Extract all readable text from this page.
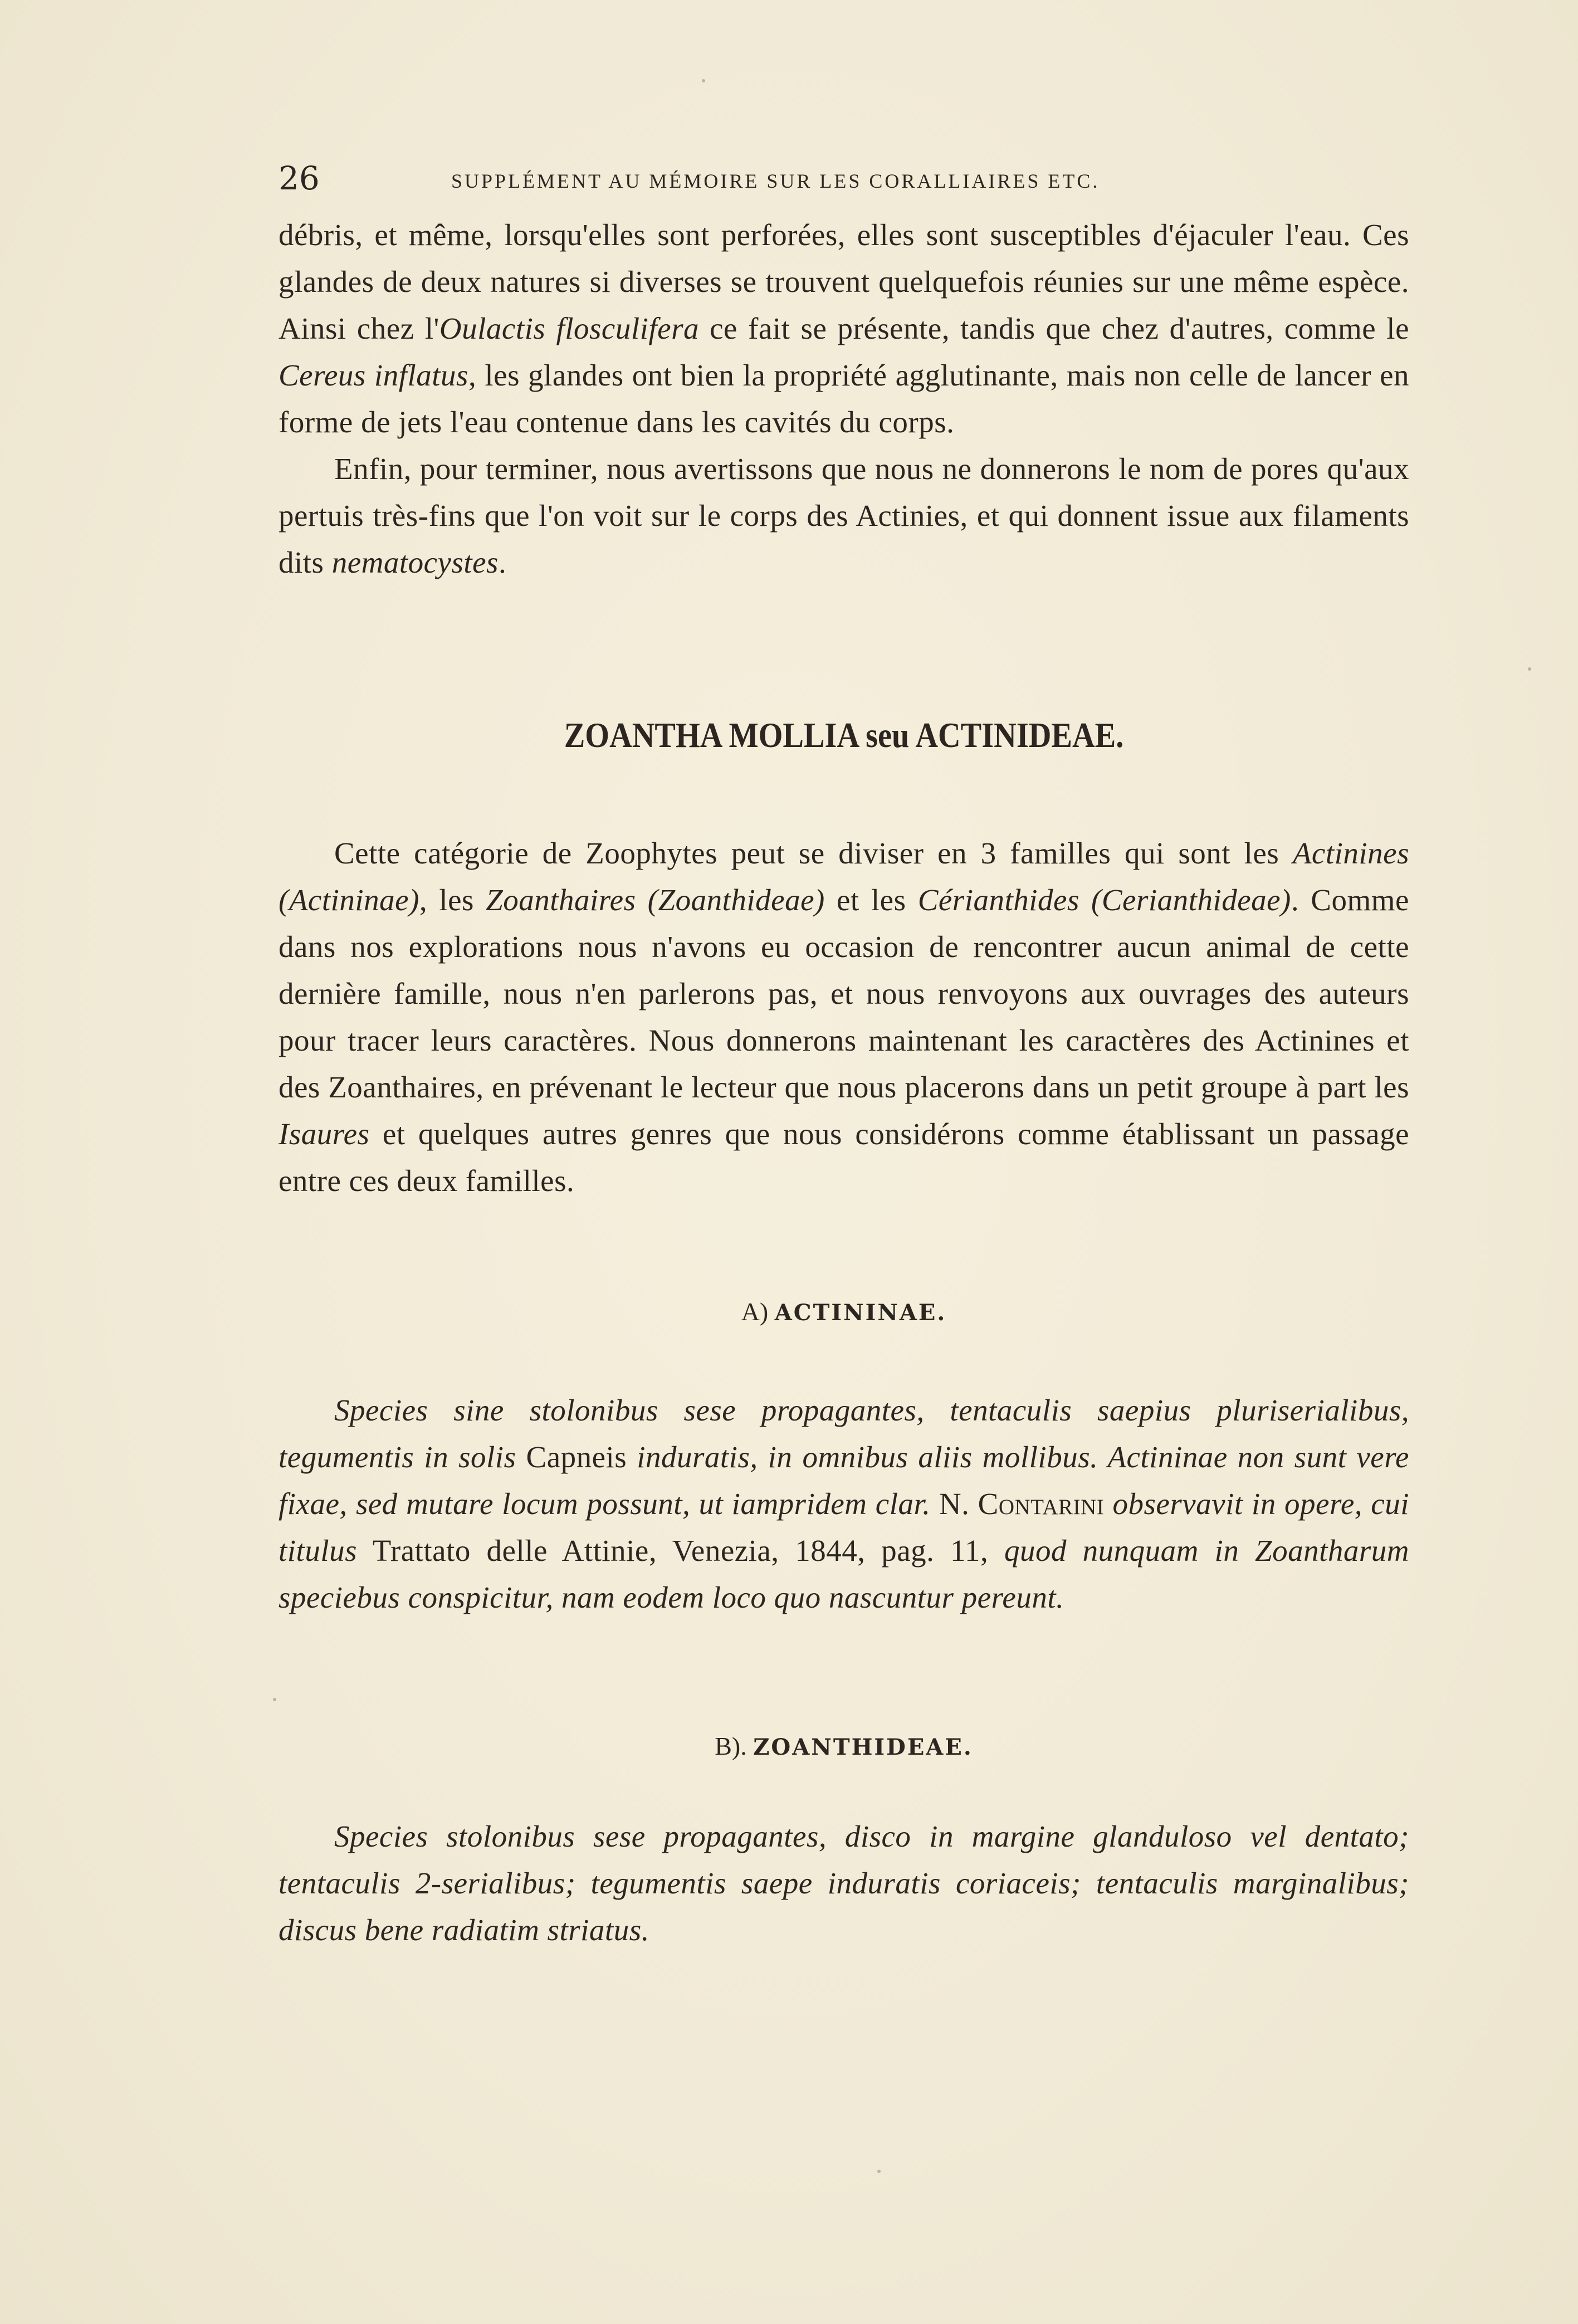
26	SUPPLÉMENT AU MÉMOIRE SUR LES CORALLIAIRES ETC.

débris, et même, lorsqu'elles sont perforées, elles sont susceptibles d'éjaculer l'eau. Ces glandes de deux natures si diverses se trouvent quelquefois réunies sur une même espèce. Ainsi chez l'Oulactis flosculifera ce fait se présente, tandis que chez d'autres, comme le Cereus inflatus, les glandes ont bien la propriété agglutinante, mais non celle de lancer en forme de jets l'eau contenue dans les cavités du corps.

Enfin, pour terminer, nous avertissons que nous ne donnerons le nom de pores qu'aux pertuis très-fins que l'on voit sur le corps des Actinies, et qui donnent issue aux filaments dits nematocystes.

ZOANTHA MOLLIA seu ACTINIDEAE.

Cette catégorie de Zoophytes peut se diviser en 3 familles qui sont les Actinines (Actininae), les Zoanthaires (Zoanthideae) et les Cérianthides (Cerianthideae). Comme dans nos explorations nous n'avons eu occasion de rencontrer aucun animal de cette dernière famille, nous n'en parlerons pas, et nous renvoyons aux ouvrages des auteurs pour tracer leurs caractères. Nous donnerons maintenant les caractères des Actinines et des Zoanthaires, en prévenant le lecteur que nous placerons dans un petit groupe à part les Isaures et quelques autres genres que nous considérons comme établissant un passage entre ces deux familles.

A) ACTININAE.

Species sine stolonibus sese propagantes, tentaculis saepius pluriserialibus, tegumentis in solis Capneis induratis, in omnibus aliis mollibus. Actininae non sunt vere fixae, sed mutare locum possunt, ut iampridem clar. N. Contarini observavit in opere, cui titulus Trattato delle Attinie, Venezia, 1844, pag. 11, quod nunquam in Zoantharum speciebus conspicitur, nam eodem loco quo nascuntur pereunt.

B). ZOANTHIDEAE.

Species stolonibus sese propagantes, disco in margine glanduloso vel dentato; tentaculis 2-serialibus; tegumentis saepe induratis coriaceis; tentaculis marginalibus; discus bene radiatim striatus.
